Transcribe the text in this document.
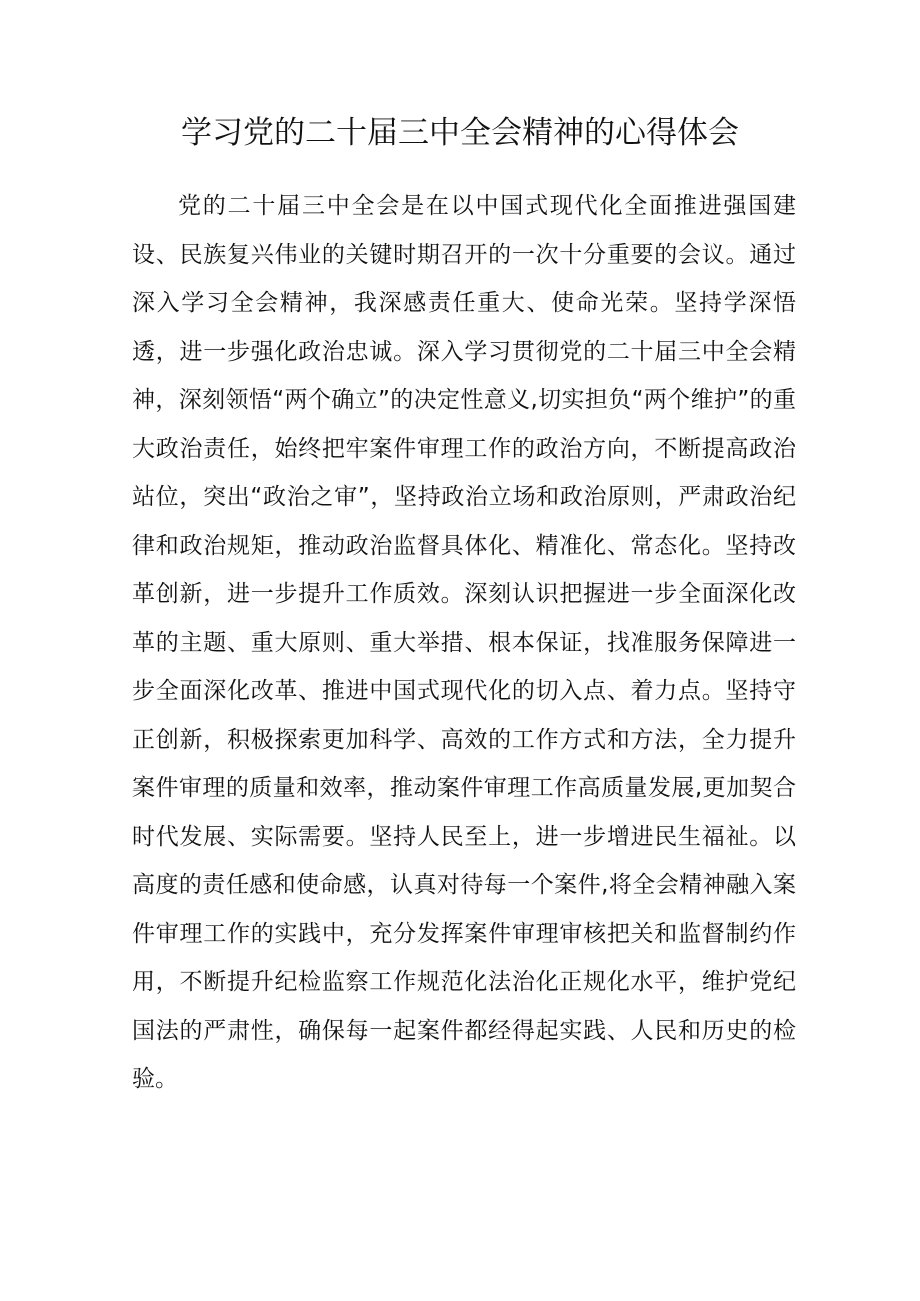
学习党的二十届三中全会精神的心得体会

党的二十届三中全会是在以中国式现代化全面推进强国建设、民族复兴伟业的关键时期召开的一次十分重要的会议。通过深入学习全会精神，我深感责任重大、使命光荣。坚持学深悟透，进一步强化政治忠诚。深入学习贯彻党的二十届三中全会精神，深刻领悟“两个确立”的决定性意义,切实担负“两个维护”的重大政治责任，始终把牢案件审理工作的政治方向，不断提高政治站位，突出“政治之审”，坚持政治立场和政治原则，严肃政治纪律和政治规矩，推动政治监督具体化、精准化、常态化。坚持改革创新，进一步提升工作质效。深刻认识把握进一步全面深化改革的主题、重大原则、重大举措、根本保证，找准服务保障进一步全面深化改革、推进中国式现代化的切入点、着力点。坚持守正创新，积极探索更加科学、高效的工作方式和方法，全力提升案件审理的质量和效率，推动案件审理工作高质量发展,更加契合时代发展、实际需要。坚持人民至上，进一步增进民生福祉。以高度的责任感和使命感，认真对待每一个案件,将全会精神融入案件审理工作的实践中，充分发挥案件审理审核把关和监督制约作用，不断提升纪检监察工作规范化法治化正规化水平，维护党纪国法的严肃性，确保每一起案件都经得起实践、人民和历史的检验。
